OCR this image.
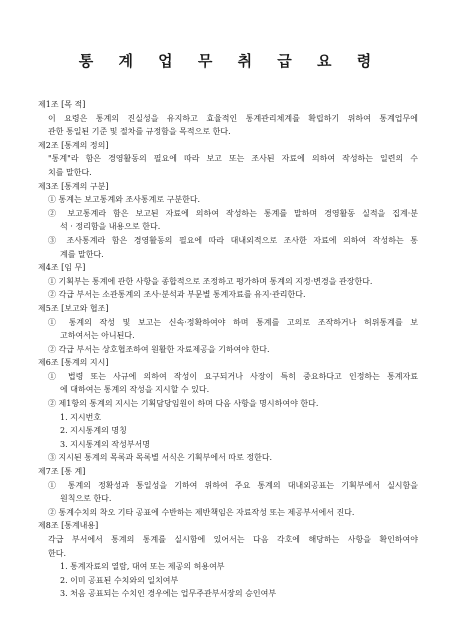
통 계 업 무 취 급 요 령
제1조 [목 적]
이 요령은 통계의 진실성을 유지하고 효율적인 통계관리체계를 확립하기 위하여 통계업무에
관한 통일된 기준 및 절차를 규정함을 목적으로 한다.
제2조 [통계의 정의]
"통계"라 함은 경영활동의 필요에 따라 보고 또는 조사된 자료에 의하여 작성하는 일련의 수
치를 말한다.
제3조 [통계의 구분]
① 통계는 보고통계와 조사통계로 구분한다.
② 보고통계라 함은 보고된 자료에 의하여 작성하는 통계를 말하며 경영활동 실적을 집계·분
석 · 정리함을 내용으로 한다.
③ 조사통계라 함은 경영활동의 필요에 따라 대내외적으로 조사한 자료에 의하여 작성하는 통
계를 말한다.
제4조 [임 무]
① 기획부는 통계에 관한 사항을 종합적으로 조정하고 평가하며 통계의 지정·변경을 관장한다.
② 각급 부서는 소관통계의 조사·분석과 부문별 통계자료를 유지·관리한다.
제5조 [보고와 협조]
① 통계의 작성 및 보고는 신속·정확하여야 하며 통계를 고의로 조작하거나 허위통계를 보
고하여서는 아니된다.
② 각급 부서는 상호협조하여 원활한 자료제공을 기하여야 한다.
제6조 [통계의 지시]
① 법령 또는 사규에 의하여 작성이 요구되거나 사장이 특히 중요하다고 인정하는 통계자료
에 대하여는 통계의 작성을 지시할 수 있다.
② 제1항의 통계의 지시는 기획담당임원이 하며 다음 사항을 명시하여야 한다.
1. 지시번호
2. 지시통계의 명칭
3. 지시통계의 작성부서명
③ 지시된 통계의 목록과 목록별 서식은 기획부에서 따로 정한다.
제7조 [통 계]
① 통계의 정확성과 통일성을 기하여 위하여 주요 통계의 대내외공표는 기획부에서 실시함을
원칙으로 한다.
② 통계수치의 착오 기타 공표에 수반하는 제반책임은 자료작성 또는 제공부서에서 진다.
제8조 [통계내용]
각급 부서에서 통계의 통계를 실시함에 있어서는 다음 각호에 해당하는 사항을 확인하여야
한다.
1. 통계자료의 열람, 대여 또는 제공의 허용여부
2. 이미 공표된 수치와의 일치여부
3. 처음 공표되는 수치인 경우에는 업무주관부서장의 승인여부
